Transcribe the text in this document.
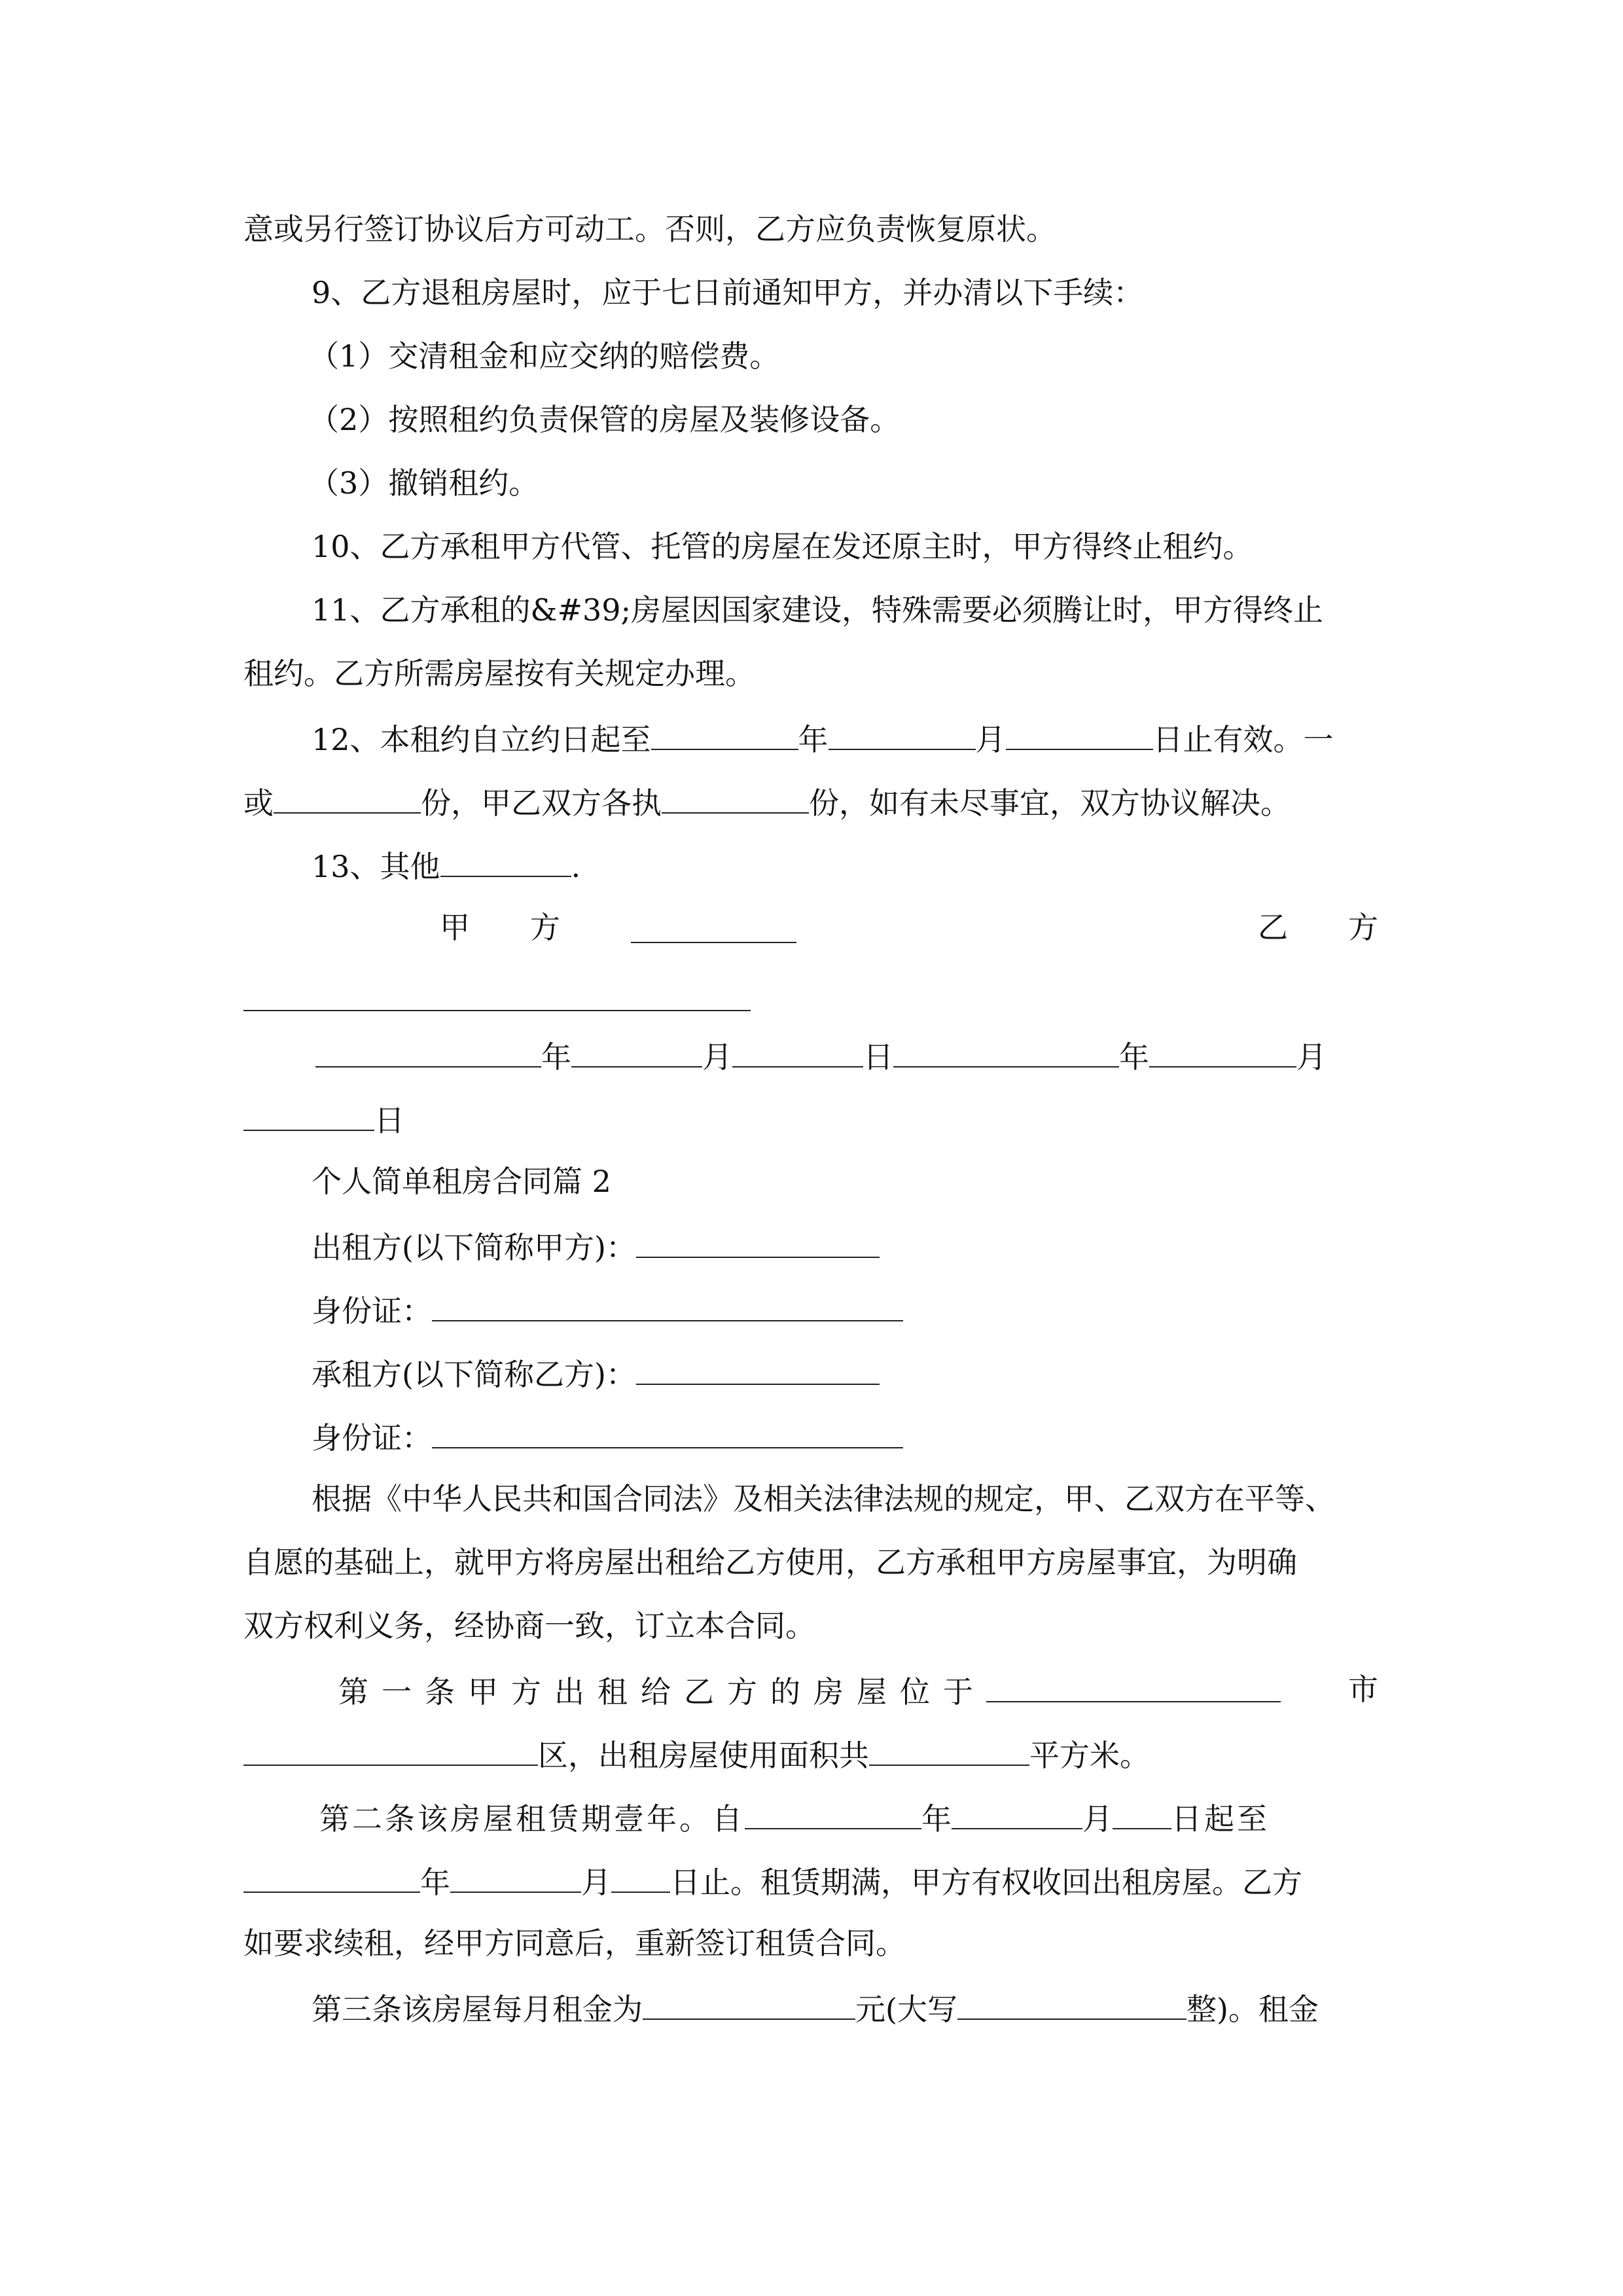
意或另行签订协议后方可动工。否则，乙方应负责恢复原状。
9、乙方退租房屋时，应于七日前通知甲方，并办清以下手续：
（1）交清租金和应交纳的赔偿费。
（2）按照租约负责保管的房屋及装修设备。
（3）撤销租约。
10、乙方承租甲方代管、托管的房屋在发还原主时，甲方得终止租约。
11、乙方承租的&#39;房屋因国家建设，特殊需要必须腾让时，甲方得终止
租约。乙方所需房屋按有关规定办理。
12、本租约自立约日起至	年	月	日止有效。一
或	份，甲乙双方各执	份，如有未尽事宜，双方协议解决。
13、其他	.
甲　　方	乙　　方
年	月	日	年	月
日
个人简单租房合同篇 2
出租方(以下简称甲方)：
身份证：
承租方(以下简称乙方)：
身份证：
根据《中华人民共和国合同法》及相关法律法规的规定，甲、乙双方在平等、
自愿的基础上，就甲方将房屋出租给乙方使用，乙方承租甲方房屋事宜，为明确
双方权利义务，经协商一致，订立本合同。
第一条甲方出租给乙方的房屋位于	市
区，出租房屋使用面积共	平方米。
第二条该房屋租赁期壹年。自	年	月 日起至
年	月 日止。租赁期满，甲方有权收回出租房屋。乙方
如要求续租，经甲方同意后，重新签订租赁合同。
第三条该房屋每月租金为	元(大写	整)。租金
